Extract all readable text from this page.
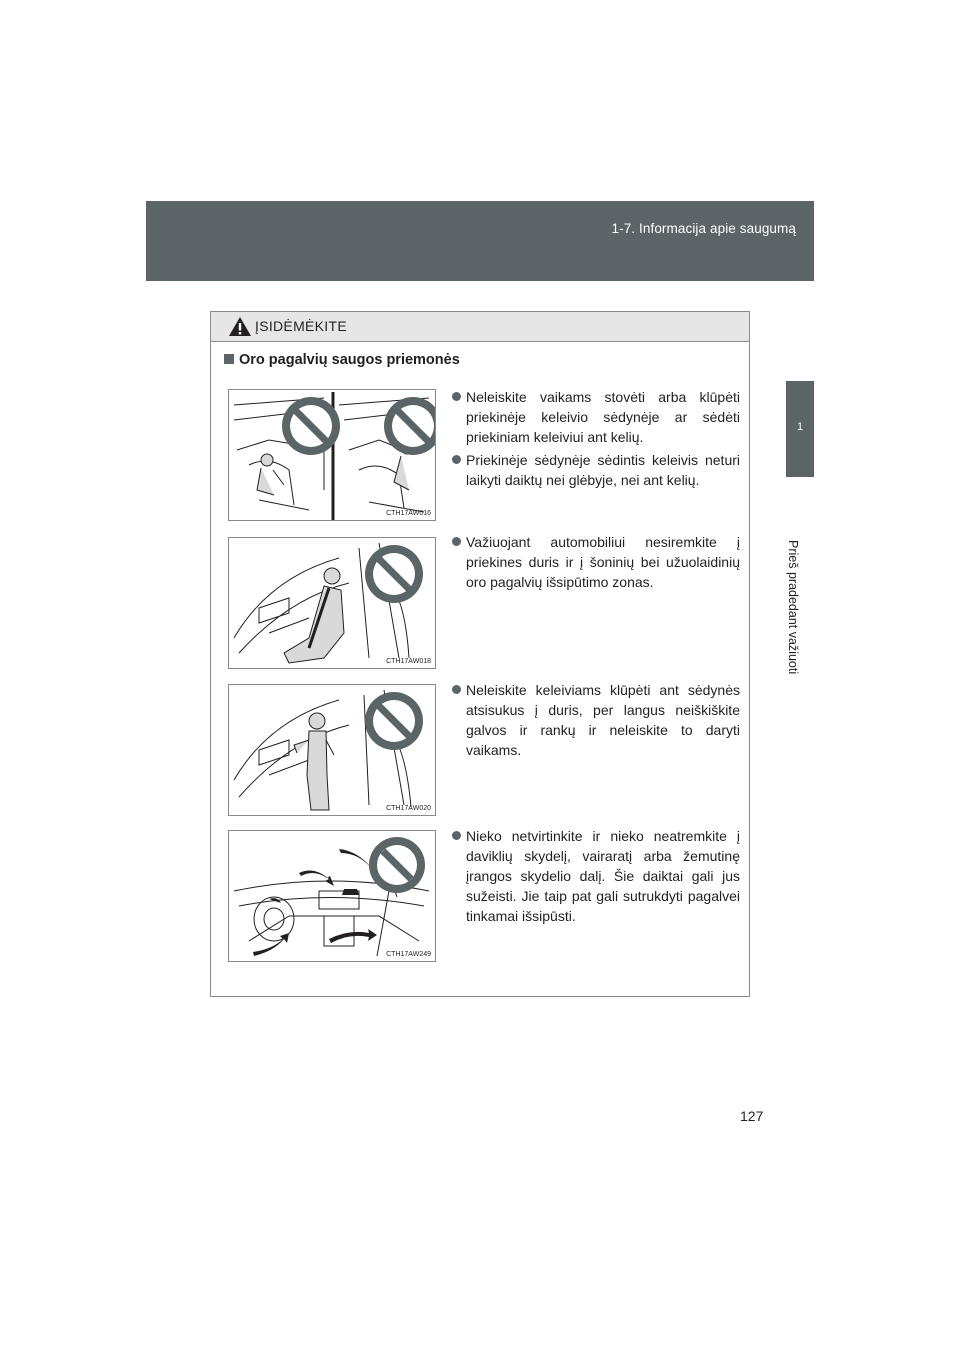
1-7. Informacija apie saugumą
1
Prieš pradedant važiuoti
ĮSIDĖMĖKITE
Oro pagalvių saugos priemonės
CTH17AW016
CTH17AW018
CTH17AW020
CTH17AW249
Neleiskite vaikams stovėti arba klūpėti priekinėje keleivio sėdynėje ar sėdėti priekiniam keleiviui ant kelių.
Priekinėje sėdynėje sėdintis keleivis neturi laikyti daiktų nei glėbyje, nei ant kelių.
Važiuojant automobiliui nesiremkite į priekines duris ir į šoninių bei užuolaidinių oro pagalvių išsipūtimo zonas.
Neleiskite keleiviams klūpėti ant sėdynės atsisukus į duris, per langus neiškiškite galvos ir rankų ir neleiskite to daryti vaikams.
Nieko netvirtinkite ir nieko neatremkite į daviklių skydelį, vairaratį arba žemutinę įrangos skydelio dalį. Šie daiktai gali jus sužeisti. Jie taip pat gali sutrukdyti pagalvei tinkamai išsipūsti.
127
